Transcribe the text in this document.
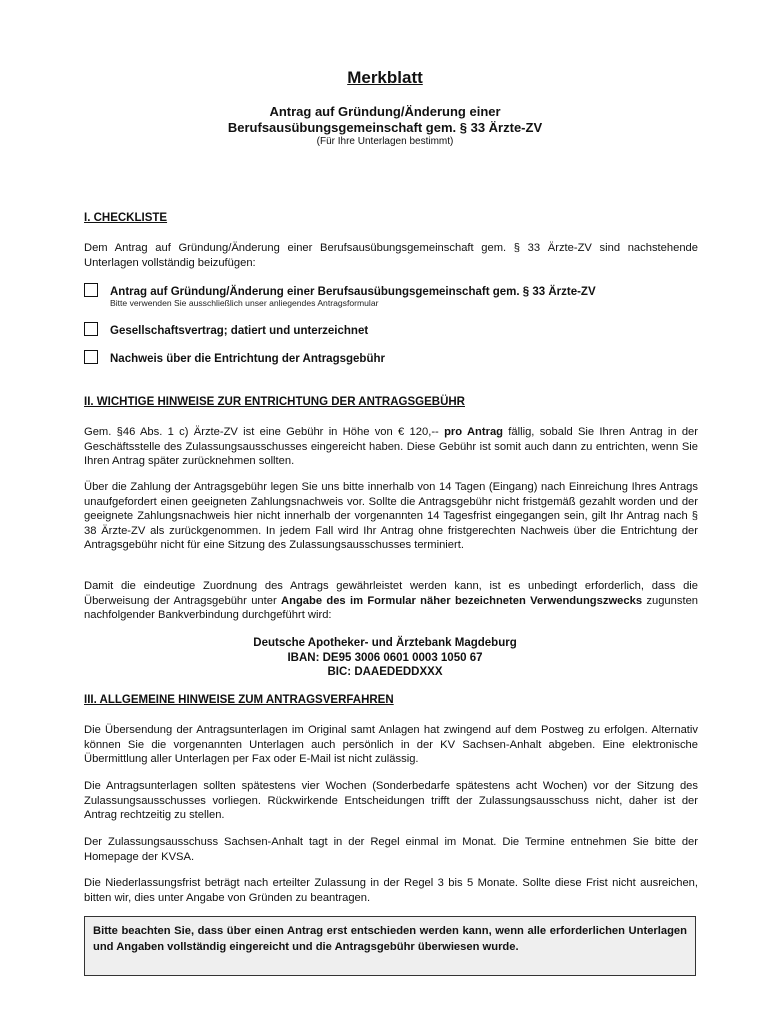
Merkblatt
Antrag auf Gründung/Änderung einer
Berufsausübungsgemeinschaft gem. § 33 Ärzte-ZV
(Für Ihre Unterlagen bestimmt)
I. CHECKLISTE
Dem Antrag auf Gründung/Änderung einer Berufsausübungsgemeinschaft gem. § 33 Ärzte-ZV sind nachstehende Unterlagen vollständig beizufügen:
Antrag auf Gründung/Änderung einer Berufsausübungsgemeinschaft gem. § 33 Ärzte-ZV
Bitte verwenden Sie ausschließlich unser anliegendes Antragsformular
Gesellschaftsvertrag; datiert und unterzeichnet
Nachweis über die Entrichtung der Antragsgebühr
II. WICHTIGE HINWEISE ZUR ENTRICHTUNG DER ANTRAGSGEBÜHR
Gem. §46 Abs. 1 c) Ärzte-ZV ist eine Gebühr in Höhe von € 120,-- pro Antrag fällig, sobald Sie Ihren Antrag in der Geschäftsstelle des Zulassungsausschusses eingereicht haben. Diese Gebühr ist somit auch dann zu entrichten, wenn Sie Ihren Antrag später zurücknehmen sollten.
Über die Zahlung der Antragsgebühr legen Sie uns bitte innerhalb von 14 Tagen (Eingang) nach Einreichung Ihres Antrags unaufgefordert einen geeigneten Zahlungsnachweis vor. Sollte die Antragsgebühr nicht fristgemäß gezahlt worden und der geeignete Zahlungsnachweis hier nicht innerhalb der vorgenannten 14 Tagesfrist eingegangen sein, gilt Ihr Antrag nach § 38 Ärzte-ZV als zurückgenommen. In jedem Fall wird Ihr Antrag ohne fristgerechten Nachweis über die Entrichtung der Antragsgebühr nicht für eine Sitzung des Zulassungsausschusses terminiert.
Damit die eindeutige Zuordnung des Antrags gewährleistet werden kann, ist es unbedingt erforderlich, dass die Überweisung der Antragsgebühr unter Angabe des im Formular näher bezeichneten Verwendungszwecks zugunsten nachfolgender Bankverbindung durchgeführt wird:
Deutsche Apotheker- und Ärztebank Magdeburg
IBAN: DE95 3006 0601 0003 1050 67
BIC: DAAEDEDDXXX
III. ALLGEMEINE HINWEISE ZUM ANTRAGSVERFAHREN
Die Übersendung der Antragsunterlagen im Original samt Anlagen hat zwingend auf dem Postweg zu erfolgen. Alternativ können Sie die vorgenannten Unterlagen auch persönlich in der KV Sachsen-Anhalt abgeben. Eine elektronische Übermittlung aller Unterlagen per Fax oder E-Mail ist nicht zulässig.
Die Antragsunterlagen sollten spätestens vier Wochen (Sonderbedarfe spätestens acht Wochen) vor der Sitzung des Zulassungsausschusses vorliegen. Rückwirkende Entscheidungen trifft der Zulassungsausschuss nicht, daher ist der Antrag rechtzeitig zu stellen.
Der Zulassungsausschuss Sachsen-Anhalt tagt in der Regel einmal im Monat. Die Termine entnehmen Sie bitte der Homepage der KVSA.
Die Niederlassungsfrist beträgt nach erteilter Zulassung in der Regel 3 bis 5 Monate. Sollte diese Frist nicht ausreichen, bitten wir, dies unter Angabe von Gründen zu beantragen.
Bitte beachten Sie, dass über einen Antrag erst entschieden werden kann, wenn alle erforderlichen Unterlagen und Angaben vollständig eingereicht und die Antragsgebühr überwiesen wurde.
